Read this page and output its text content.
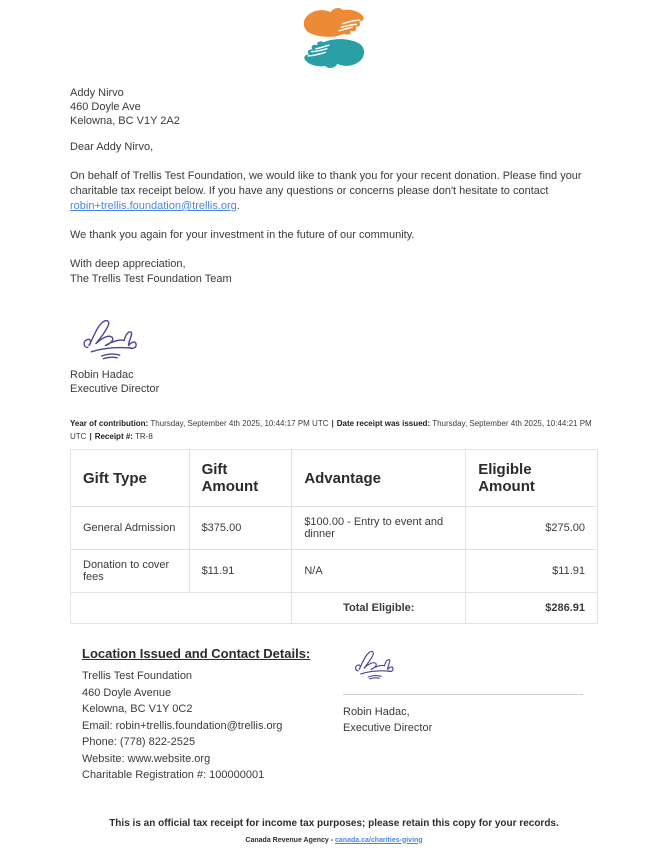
Addy Nirvo
460 Doyle Ave
Kelowna, BC V1Y 2A2

Dear Addy Nirvo,

On behalf of Trellis Test Foundation, we would like to thank you for your recent donation. Please find your charitable tax receipt below. If you have any questions or concerns please don't hesitate to contact robin+trellis.foundation@trellis.org.

We thank you again for your investment in the future of our community.

With deep appreciation,
The Trellis Test Foundation Team

Robin Hadac
Executive Director
Year of contribution: Thursday, September 4th 2025, 10:44:17 PM UTC | Date receipt was issued: Thursday, September 4th 2025, 10:44:21 PM UTC | Receipt #: TR-8
Gift Type	Gift Amount	Advantage	Eligible Amount
General Admission	$375.00	$100.00 - Entry to event and dinner	$275.00
Donation to cover fees	$11.91	N/A	$11.91
		Total Eligible:	$286.91
Location Issued and Contact Details:
Trellis Test Foundation
460 Doyle Avenue
Kelowna, BC V1Y 0C2
Email: robin+trellis.foundation@trellis.org
Phone: (778) 822-2525
Website: www.website.org
Charitable Registration #: 100000001
Robin Hadac,
Executive Director
This is an official tax receipt for income tax purposes; please retain this copy for your records.
Canada Revenue Agency - canada.ca/charities-giving
